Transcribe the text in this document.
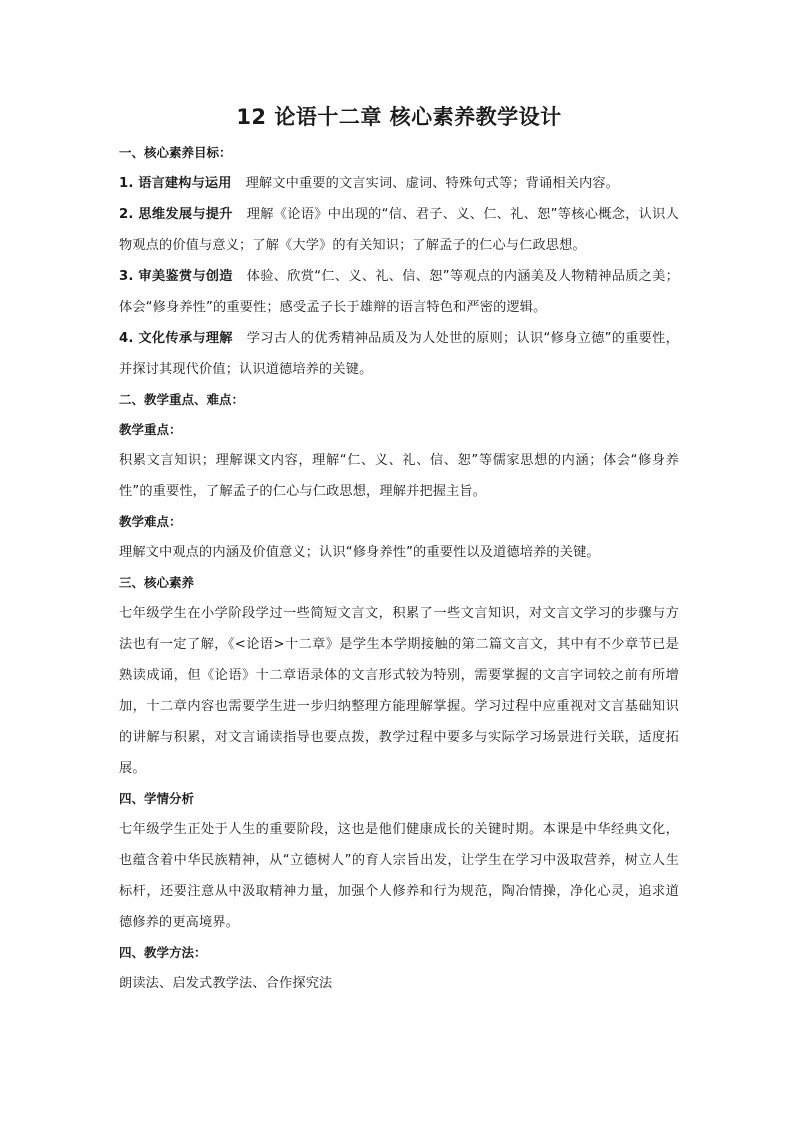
12 论语十二章 核心素养教学设计

一、核心素养目标：

1. 语言建构与运用 理解文中重要的文言实词、虚词、特殊句式等；背诵相关内容。

2. 思维发展与提升 理解《论语》中出现的“信、君子、义、仁、礼、恕”等核心概念，认识人物观点的价值与意义；了解《大学》的有关知识；了解孟子的仁心与仁政思想。

3. 审美鉴赏与创造 体验、欣赏“仁、义、礼、信、恕”等观点的内涵美及人物精神品质之美；体会“修身养性”的重要性；感受孟子长于雄辩的语言特色和严密的逻辑。

4. 文化传承与理解 学习古人的优秀精神品质及为人处世的原则；认识“修身立德”的重要性，并探讨其现代价值；认识道德培养的关键。

二、教学重点、难点：

教学重点：

积累文言知识；理解课文内容，理解“仁、义、礼、信、恕”等儒家思想的内涵；体会“修身养性”的重要性，了解孟子的仁心与仁政思想，理解并把握主旨。

教学难点：

理解文中观点的内涵及价值意义；认识“修身养性”的重要性以及道德培养的关键。

三、核心素养

七年级学生在小学阶段学过一些简短文言文，积累了一些文言知识，对文言文学习的步骤与方法也有一定了解，《<论语>十二章》是学生本学期接触的第二篇文言文，其中有不少章节已是熟读成诵，但《论语》十二章语录体的文言形式较为特别，需要掌握的文言字词较之前有所增加，十二章内容也需要学生进一步归纳整理方能理解掌握。学习过程中应重视对文言基础知识的讲解与积累，对文言诵读指导也要点拨，教学过程中要多与实际学习场景进行关联，适度拓展。

四、学情分析

七年级学生正处于人生的重要阶段，这也是他们健康成长的关键时期。本课是中华经典文化，也蕴含着中华民族精神，从“立德树人”的育人宗旨出发，让学生在学习中汲取营养，树立人生标杆，还要注意从中汲取精神力量，加强个人修养和行为规范，陶冶情操，净化心灵，追求道德修养的更高境界。

四、教学方法：

朗读法、启发式教学法、合作探究法
